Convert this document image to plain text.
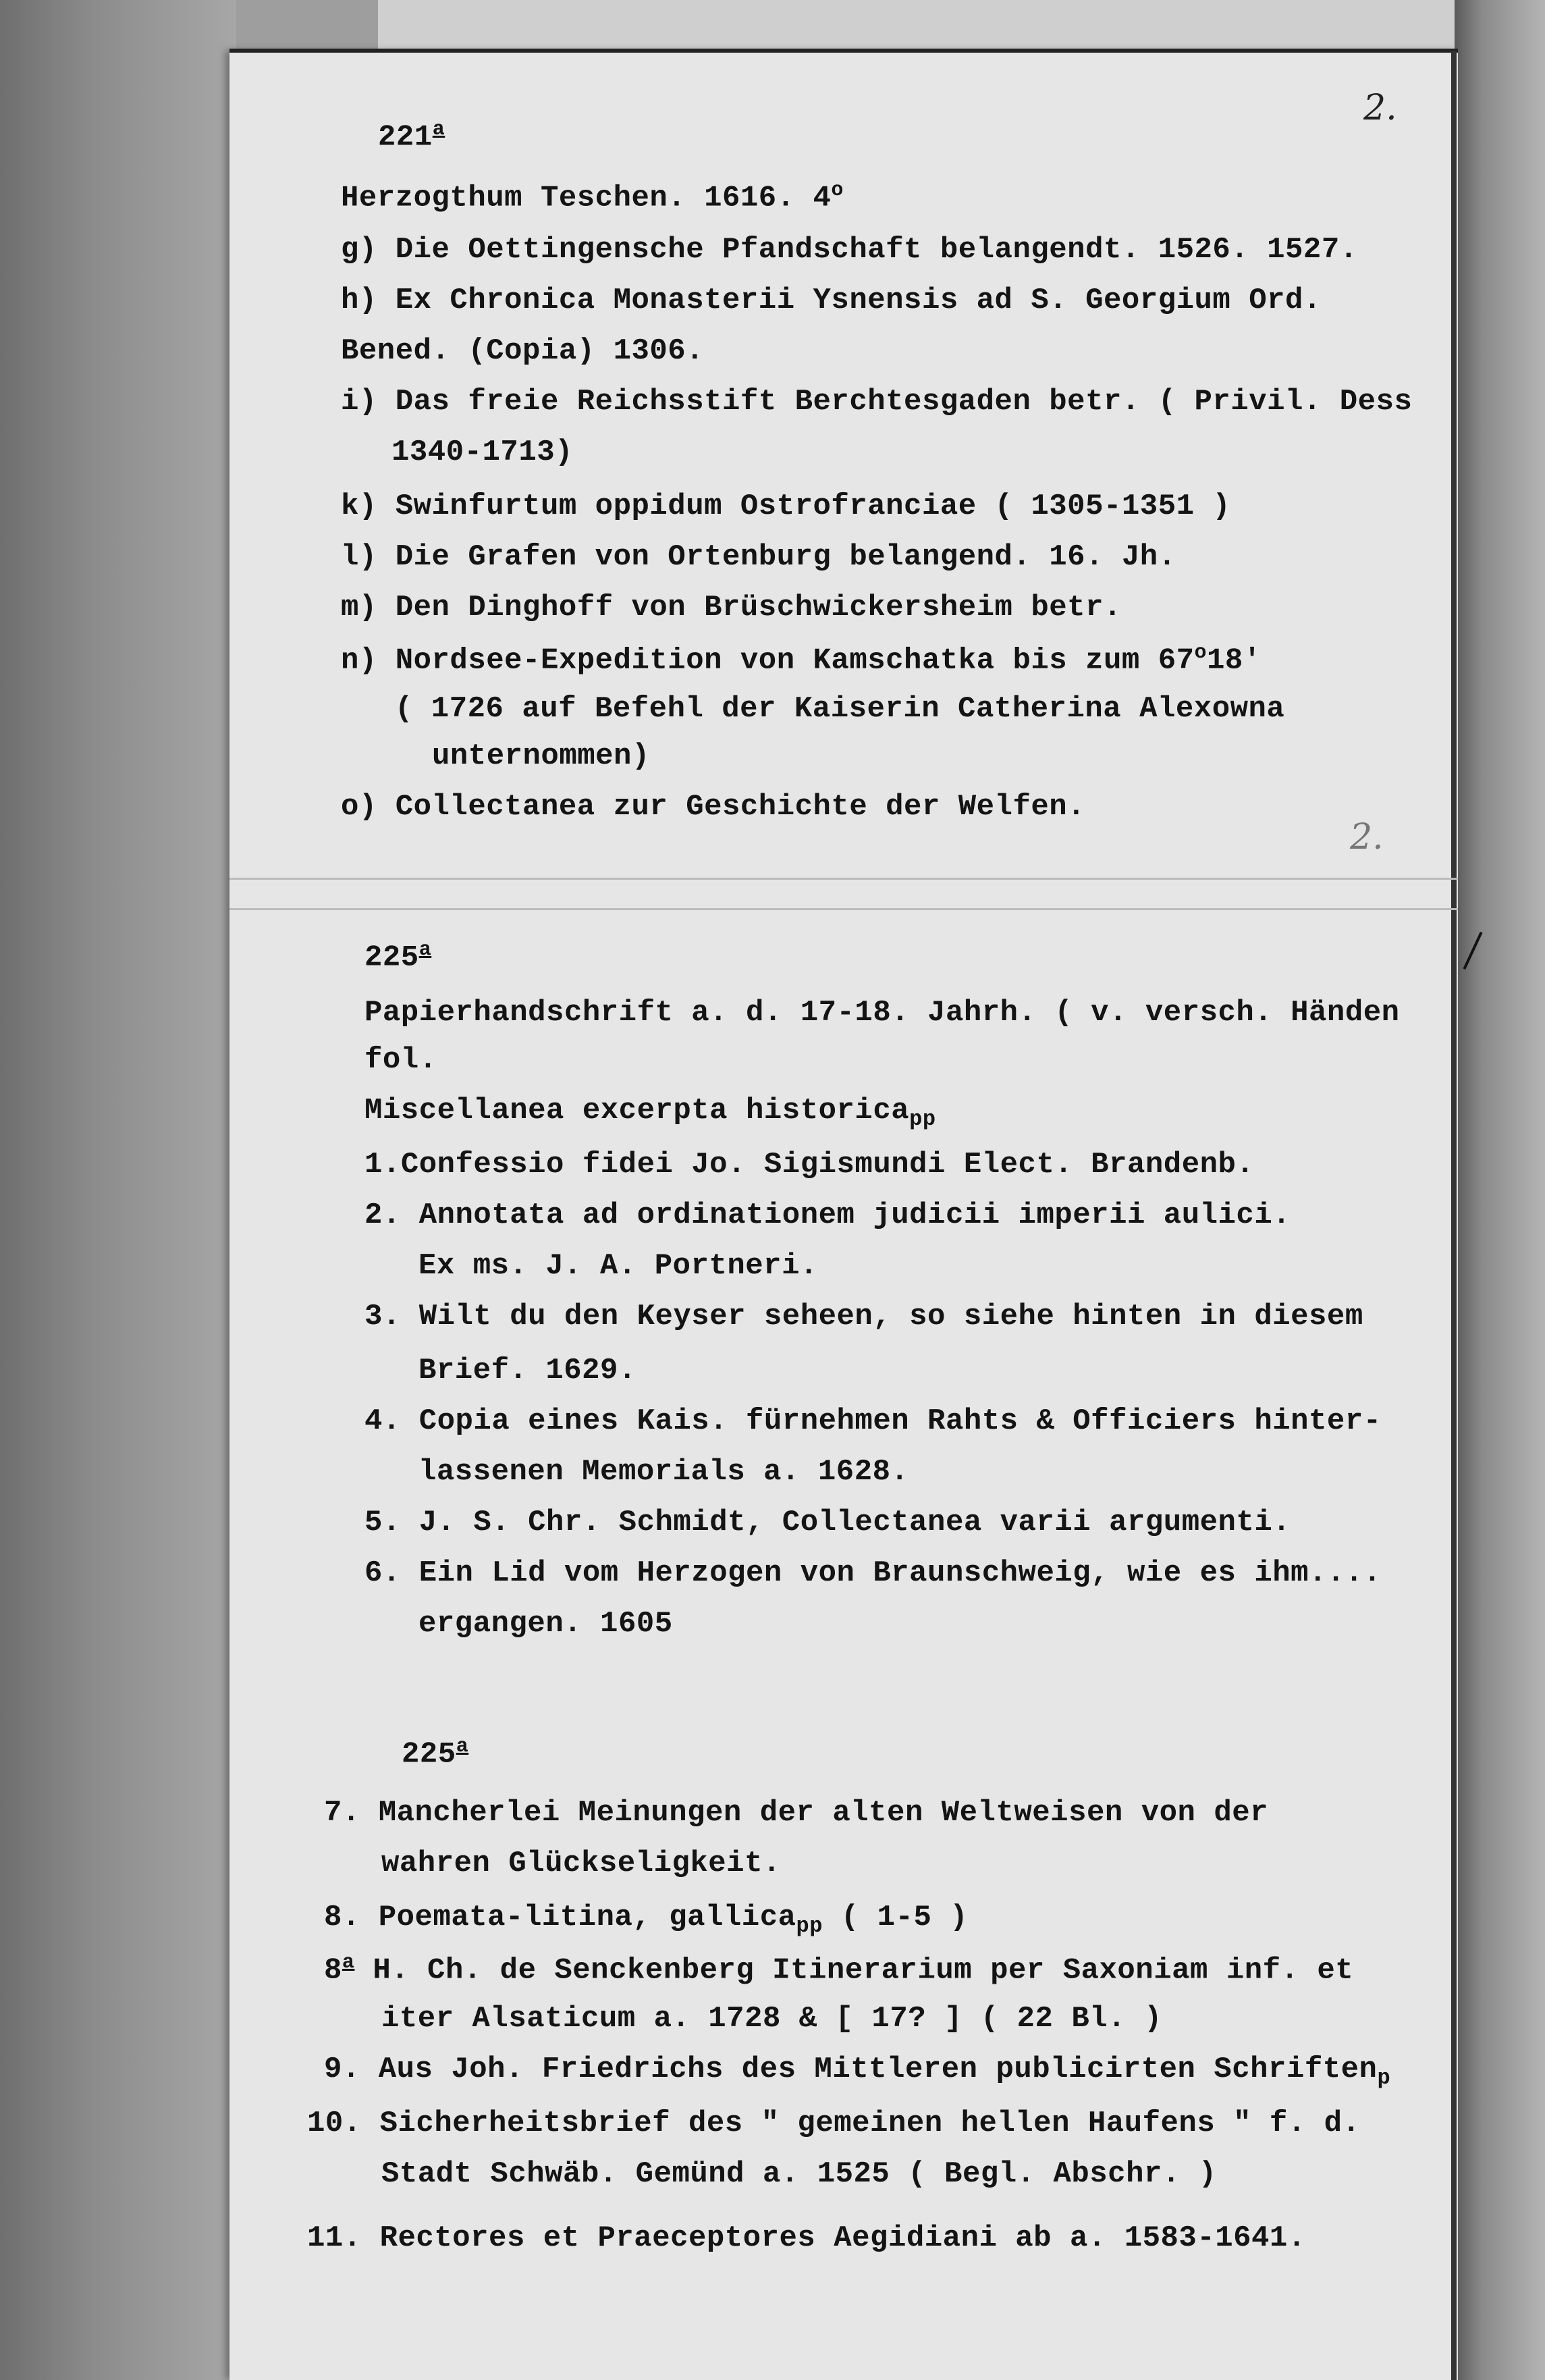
2.
2.
221$^a$
Herzogthum Teschen. 1616. 4$^o$
g) Die Oettingensche Pfandschaft belangendt. 1526. 1527.
h) Ex Chronica Monasterii Ysnensis ad S. Georgium Ord.
Bened. (Copia) 1306.
i) Das freie Reichsstift Berchtesgaden betr. ( Privil. Dess
1340-1713)
k) Swinfurtum oppidum Ostrofranciae ( 1305-1351 )
l) Die Grafen von Ortenburg belangend. 16. Jh.
m) Den Dinghoff von Brüschwickersheim betr.
n) Nordsee-Expedition von Kamschatka bis zum 67$^o$18'
( 1726 auf Befehl der Kaiserin Catherina Alexowna
unternommen)
o) Collectanea zur Geschichte der Welfen.
225$^a$
Papierhandschrift a. d. 17-18. Jahrh. ( v. versch. Händen
fol.
Miscellanea excerpta historica$_{pp}$
1.Confessio fidei Jo. Sigismundi Elect. Brandenb.
2. Annotata ad ordinationem judicii imperii aulici.
Ex ms. J. A. Portneri.
3. Wilt du den Keyser seheen, so siehe hinten in diesem
Brief. 1629.
4. Copia eines Kais. fürnehmen Rahts & Officiers hinter-
lassenen Memorials a. 1628.
5. J. S. Chr. Schmidt, Collectanea varii argumenti.
6. Ein Lid vom Herzogen von Braunschweig, wie es ihm....
ergangen. 1605
225$^a$
7. Mancherlei Meinungen der alten Weltweisen von der
wahren Glückseligkeit.
8. Poemata-litina, gallica$_{pp}$ ( 1-5 )
8$^a$ H. Ch. de Senckenberg Itinerarium per Saxoniam inf. et
iter Alsaticum a. 1728 & [ 17? ] ( 22 Bl. )
9. Aus Joh. Friedrichs des Mittleren publicirten Schriften$_p$
10. Sicherheitsbrief des " gemeinen hellen Haufens " f. d.
Stadt Schwäb. Gemünd a. 1525 ( Begl. Abschr. )
11. Rectores et Praeceptores Aegidiani ab a. 1583-1641.
